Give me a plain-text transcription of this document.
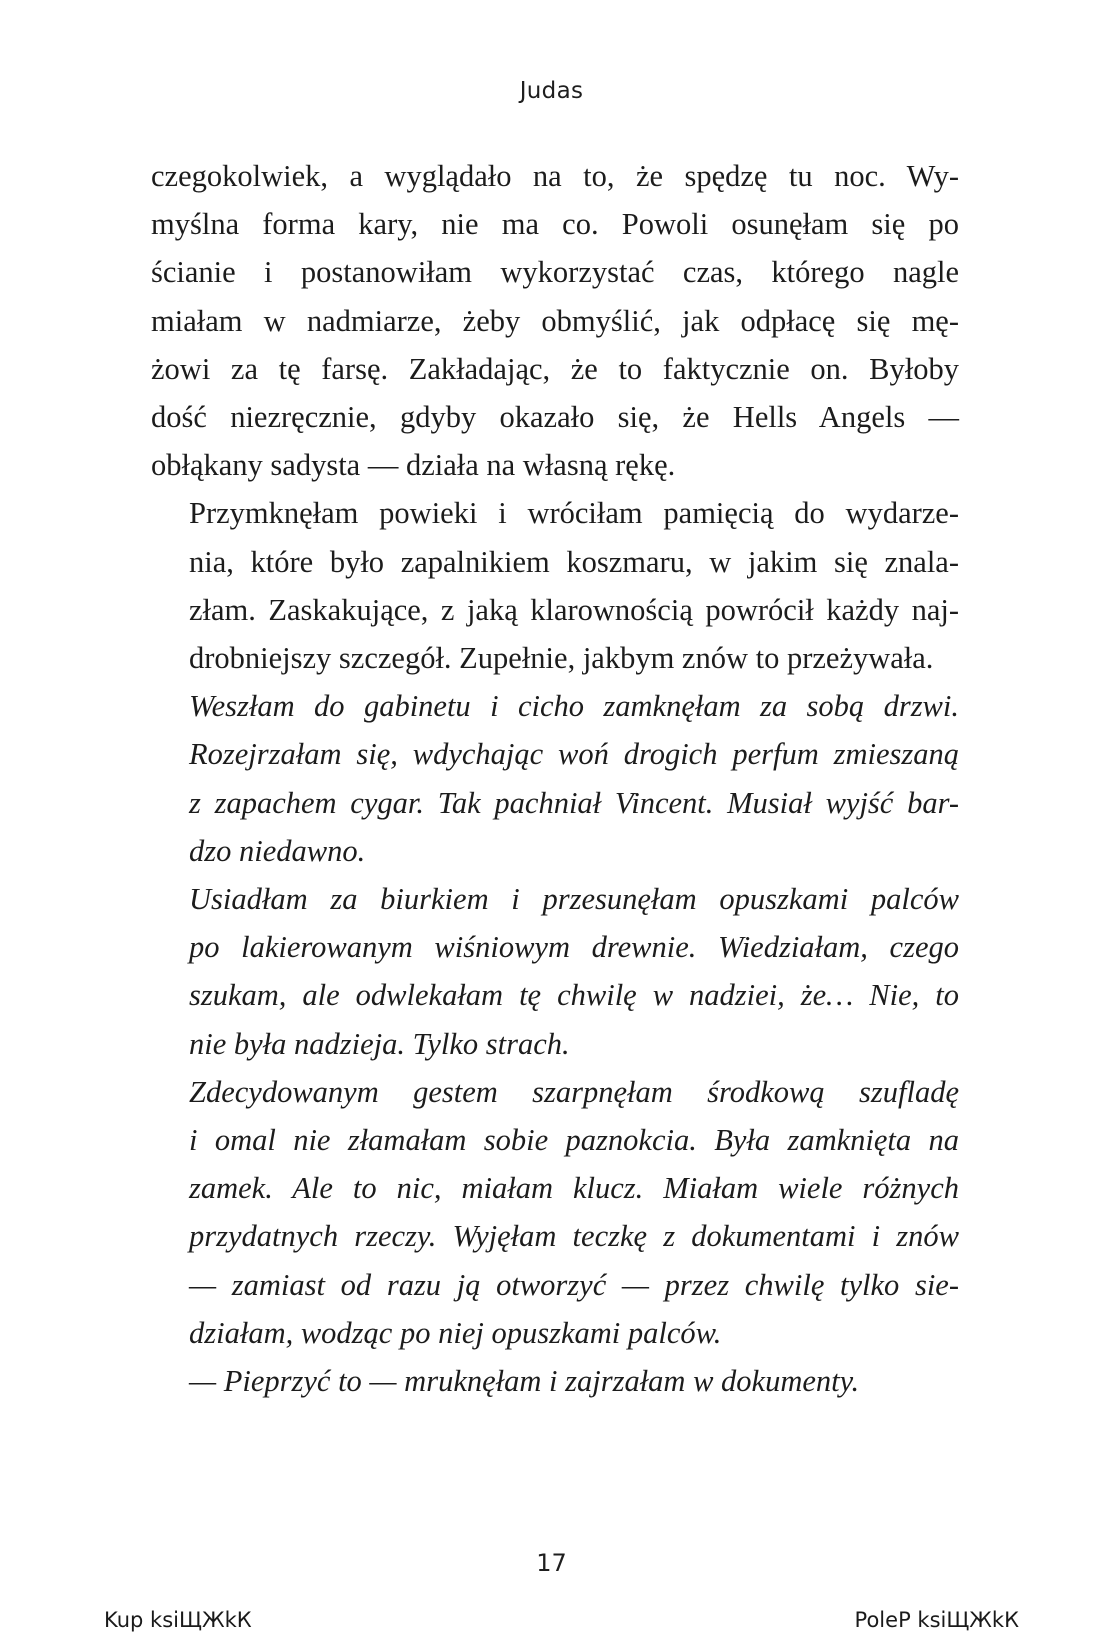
Judas

czegokolwiek, a wyglądało na to, że spędzę tu noc. Wy-
myślna forma kary, nie ma co. Powoli osunęłam się po
ścianie i postanowiłam wykorzystać czas, którego nagle
miałam w nadmiarze, żeby obmyślić, jak odpłacę się mę-
żowi za tę farsę. Zakładając, że to faktycznie on. Byłoby
dość niezręcznie, gdyby okazało się, że Hells Angels —
obłąkany sadysta — działa na własną rękę.

Przymknęłam powieki i wróciłam pamięcią do wydarze-
nia, które było zapalnikiem koszmaru, w jakim się znala-
złam. Zaskakujące, z jaką klarownością powrócił każdy naj-
drobniejszy szczegół. Zupełnie, jakbym znów to przeżywała.

Weszłam do gabinetu i cicho zamknęłam za sobą drzwi.
Rozejrzałam się, wdychając woń drogich perfum zmieszaną
z zapachem cygar. Tak pachniał Vincent. Musiał wyjść bar-
dzo niedawno.

Usiadłam za biurkiem i przesunęłam opuszkami palców
po lakierowanym wiśniowym drewnie. Wiedziałam, czego
szukam, ale odwlekałam tę chwilę w nadziei, że… Nie, to
nie była nadzieja. Tylko strach.

Zdecydowanym gestem szarpnęłam środkową szufladę
i omal nie złamałam sobie paznokcia. Była zamknięta na
zamek. Ale to nic, miałam klucz. Miałam wiele różnych
przydatnych rzeczy. Wyjęłam teczkę z dokumentami i znów
— zamiast od razu ją otworzyć — przez chwilę tylko sie-
działam, wodząc po niej opuszkami palców.

— Pieprzyć to — mruknęłam i zajrzałam w dokumenty.

17
Kup ksiЩЖkК	PoleР ksiЩЖkК
